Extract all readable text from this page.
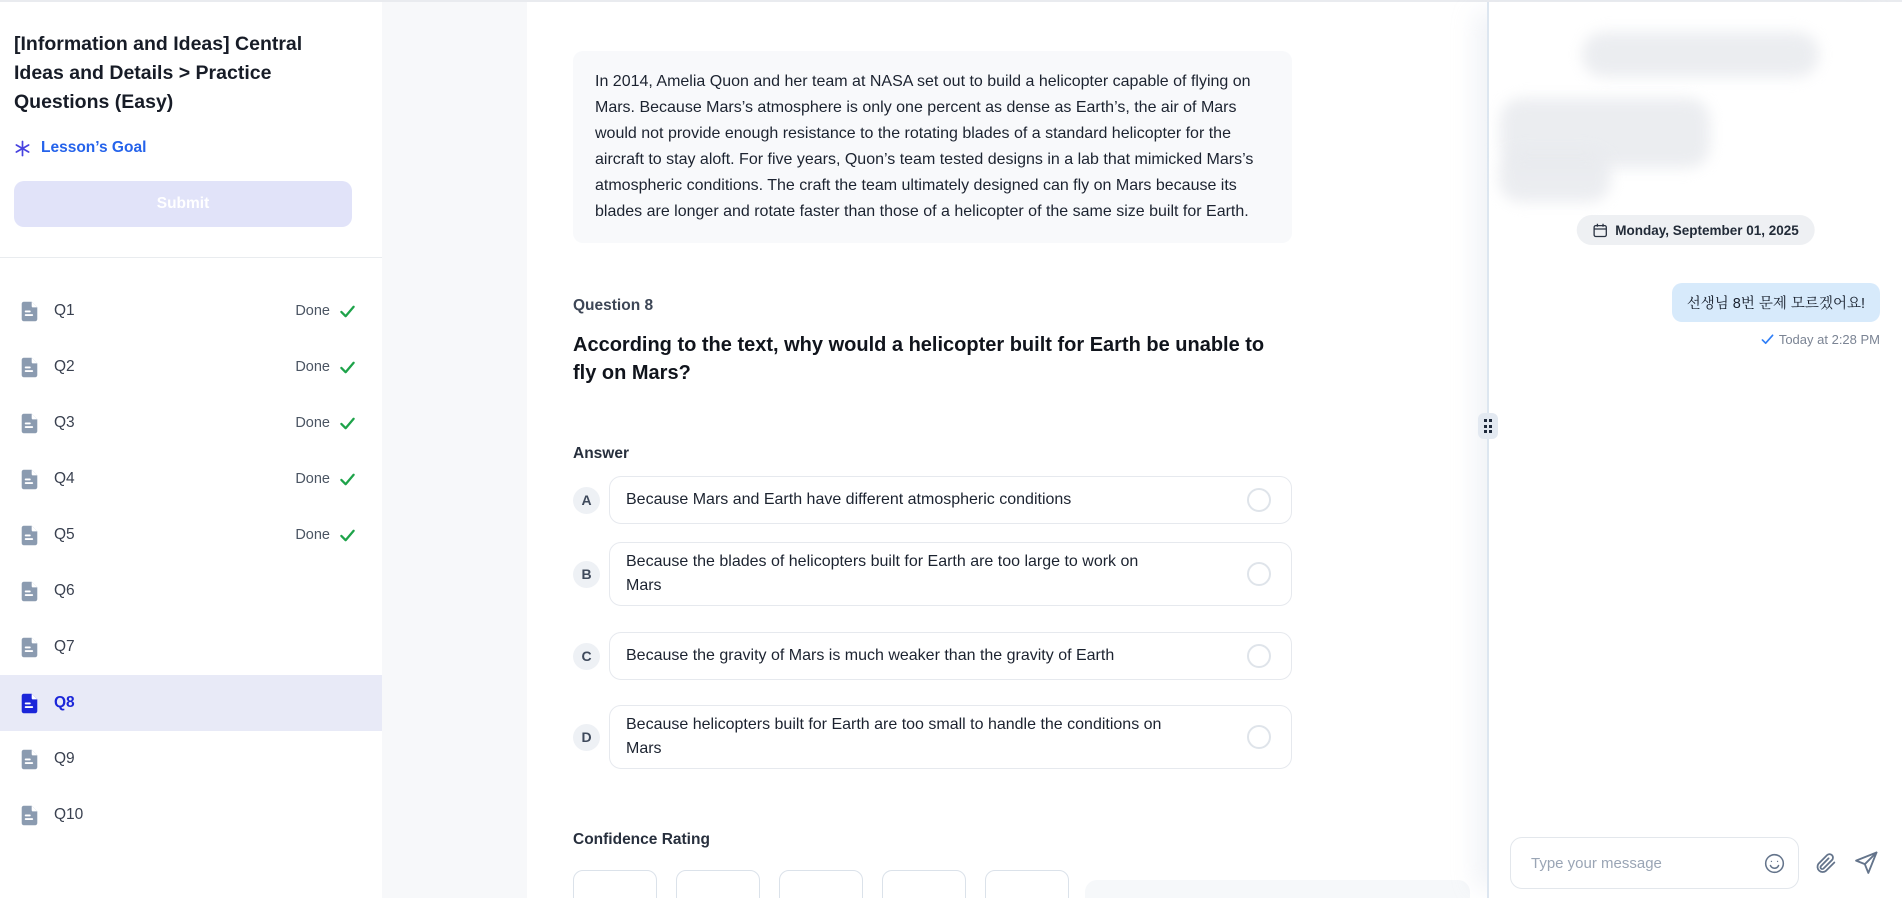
[Information and Ideas] Central Ideas and Details > Practice Questions (Easy)
Lesson’s Goal
Submit
Q1	Done
Q2	Done
Q3	Done
Q4	Done
Q5	Done
Q6
Q7
Q8
Q9
Q10
In 2014, Amelia Quon and her team at NASA set out to build a helicopter capable of flying on Mars. Because Mars’s atmosphere is only one percent as dense as Earth’s, the air of Mars would not provide enough resistance to the rotating blades of a standard helicopter for the aircraft to stay aloft. For five years, Quon’s team tested designs in a lab that mimicked Mars’s atmospheric conditions. The craft the team ultimately designed can fly on Mars because its blades are longer and rotate faster than those of a helicopter of the same size built for Earth.
Question 8
According to the text, why would a helicopter built for Earth be unable to fly on Mars?
Answer
A	Because Mars and Earth have different atmospheric conditions
B
Because the blades of helicopters built for Earth are too large to work on Mars
C	Because the gravity of Mars is much weaker than the gravity of Earth
D
Because helicopters built for Earth are too small to handle the conditions on Mars
Confidence Rating
Monday, September 01, 2025
선생님 8번 문제 모르겠어요!
Today at 2:28 PM
Type your message
